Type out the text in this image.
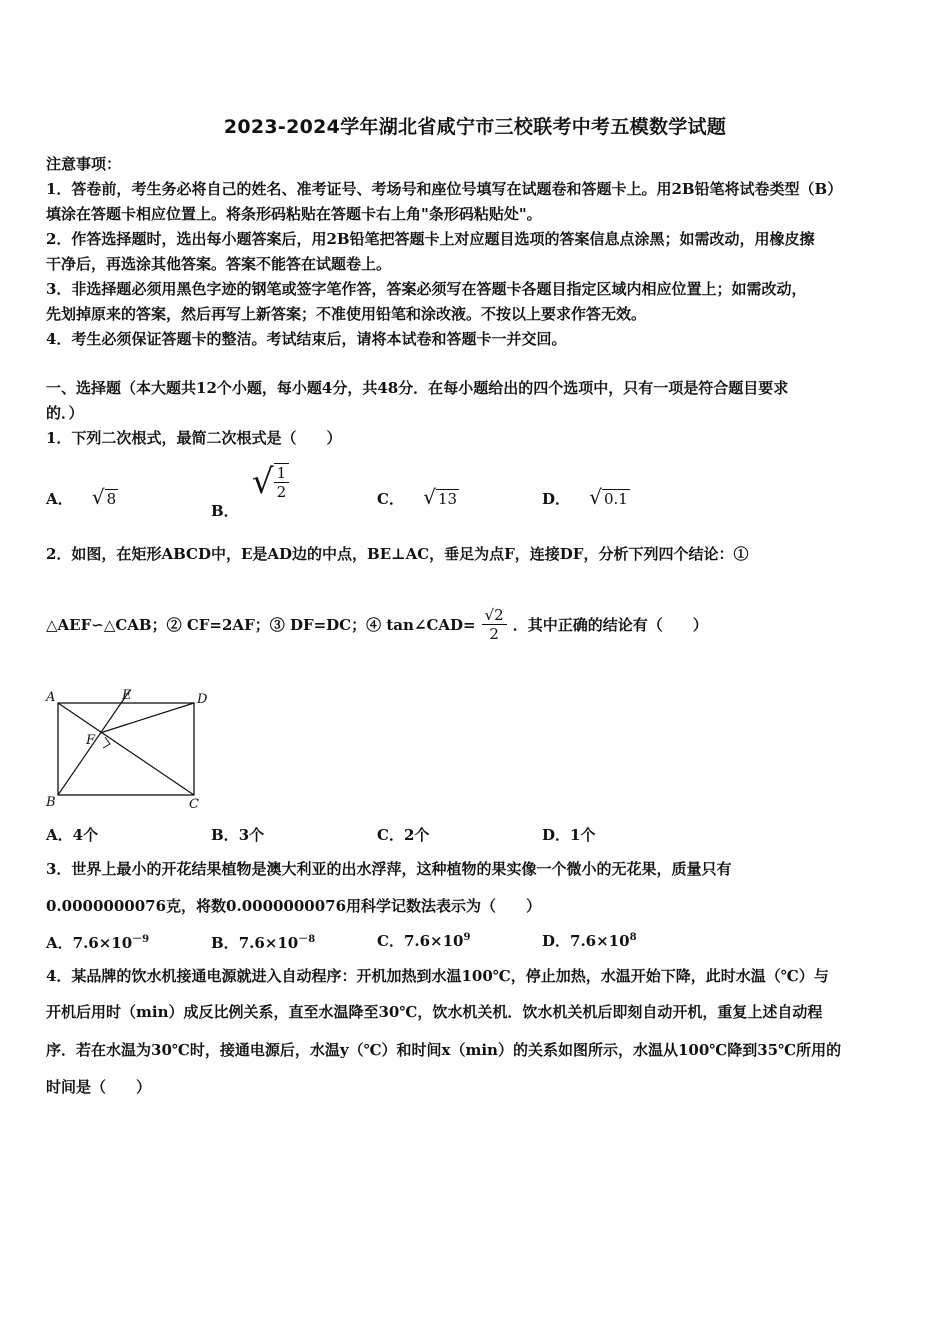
2023-2024学年湖北省咸宁市三校联考中考五模数学试题
注意事项：
1．答卷前，考生务必将自己的姓名、准考证号、考场号和座位号填写在试题卷和答题卡上。用2B铅笔将试卷类型（B）
填涂在答题卡相应位置上。将条形码粘贴在答题卡右上角"条形码粘贴处"。
2．作答选择题时，选出每小题答案后，用2B铅笔把答题卡上对应题目选项的答案信息点涂黑；如需改动，用橡皮擦
干净后，再选涂其他答案。答案不能答在试题卷上。
3．非选择题必须用黑色字迹的钢笔或签字笔作答，答案必须写在答题卡各题目指定区域内相应位置上；如需改动，
先划掉原来的答案，然后再写上新答案；不准使用铅笔和涂改液。不按以上要求作答无效。
4．考生必须保证答题卡的整洁。考试结束后，请将本试卷和答题卡一并交回。
一、选择题（本大题共12个小题，每小题4分，共48分．在每小题给出的四个选项中，只有一项是符合题目要求
的．）
1．下列二次根式，最简二次根式是（　　）
A． √ 8
B．
√ $\frac{1}{2}$	C． √ 13	D． √ 0.1
2．如图，在矩形ABCD中，E是AD边的中点，BE⊥AC，垂足为点F，连接DF，分析下列四个结论：①
△AEF∽△CAB；② CF=2AF；③ DF=DC；④ tan∠CAD= $\frac{√2}{2}$ ．其中正确的结论有（　　）
A	E	D
F
B	C
A．4个	B．3个	C．2个	D．1个
3．世界上最小的开花结果植物是澳大利亚的出水浮萍，这种植物的果实像一个微小的无花果，质量只有
0.0000000076克，将数0.0000000076用科学记数法表示为（　　）
A．$7.6\times 10^{-9}$	B．$7.6\times 10^{-8}$	C．$7.6\times 10^9$	D．$7.6\times 10^8$
4．某品牌的饮水机接通电源就进入自动程序：开机加热到水温100℃，停止加热，水温开始下降，此时水温（℃）与
开机后用时（min）成反比例关系，直至水温降至30℃，饮水机关机．饮水机关机后即刻自动开机，重复上述自动程
序．若在水温为30℃时，接通电源后，水温y（℃）和时间x（min）的关系如图所示，水温从100℃降到35℃所用的
时间是（　　）
